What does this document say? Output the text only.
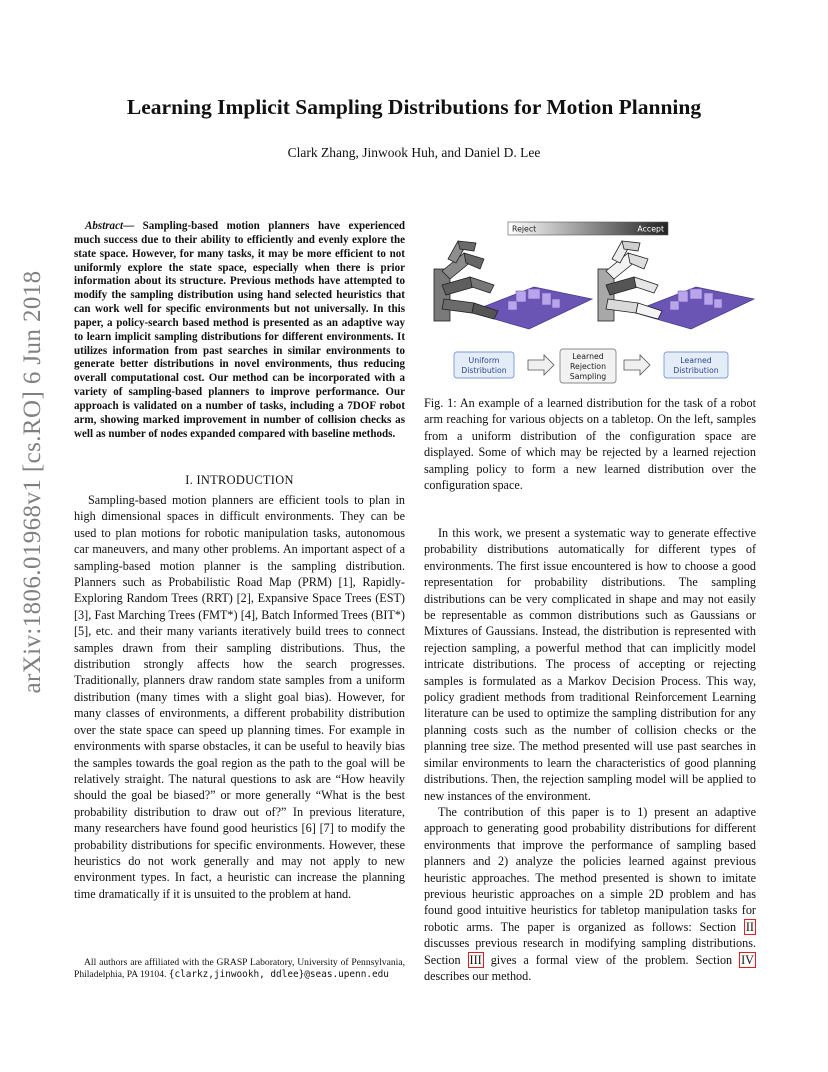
Learning Implicit Sampling Distributions for Motion Planning
Clark Zhang, Jinwook Huh, and Daniel D. Lee
arXiv:1806.01968v1 [cs.RO] 6 Jun 2018

Abstract— Sampling-based motion planners have experienced much success due to their ability to efficiently and evenly explore the state space. However, for many tasks, it may be more efficient to not uniformly explore the state space, especially when there is prior information about its structure. Previous methods have attempted to modify the sampling distribution using hand selected heuristics that can work well for specific environments but not universally. In this paper, a policy-search based method is presented as an adaptive way to learn implicit sampling distributions for different environments. It utilizes information from past searches in similar environments to generate better distributions in novel environments, thus reducing overall computational cost. Our method can be incorporated with a variety of sampling-based planners to improve performance. Our approach is validated on a number of tasks, including a 7DOF robot arm, showing marked improvement in number of collision checks as well as number of nodes expanded compared with baseline methods.

I. INTRODUCTION

Sampling-based motion planners are efficient tools to plan in high dimensional spaces in difficult environments. They can be used to plan motions for robotic manipulation tasks, autonomous car maneuvers, and many other problems. An important aspect of a sampling-based motion planner is the sampling distribution. Planners such as Probabilistic Road Map (PRM) [1], Rapidly-Exploring Random Trees (RRT) [2], Expansive Space Trees (EST) [3], Fast Marching Trees (FMT*) [4], Batch Informed Trees (BIT*) [5], etc. and their many variants iteratively build trees to connect samples drawn from their sampling distributions. Thus, the distribution strongly affects how the search progresses. Traditionally, planners draw random state samples from a uniform distribution (many times with a slight goal bias). However, for many classes of environments, a different probability distribution over the state space can speed up planning times. For example in environments with sparse obstacles, it can be useful to heavily bias the samples towards the goal region as the path to the goal will be relatively straight. The natural questions to ask are “How heavily should the goal be biased?” or more generally “What is the best probability distribution to draw out of?” In previous literature, many researchers have found good heuristics [6] [7] to modify the probability distributions for specific environments. However, these heuristics do not work generally and may not apply to new environment types. In fact, a heuristic can increase the planning time dramatically if it is unsuited to the problem at hand.

All authors are affiliated with the GRASP Laboratory, University of Pennsylvania, Philadelphia, PA 19104. {clarkz,jinwookh, ddlee}@seas.upenn.edu

Reject	Accept
Uniform
Distribution
Learned
Rejection
Sampling
Learned
Distribution

Fig. 1: An example of a learned distribution for the task of a robot arm reaching for various objects on a tabletop. On the left, samples from a uniform distribution of the configuration space are displayed. Some of which may be rejected by a learned rejection sampling policy to form a new learned distribution over the configuration space.

In this work, we present a systematic way to generate effective probability distributions automatically for different types of environments. The first issue encountered is how to choose a good representation for probability distributions. The sampling distributions can be very complicated in shape and may not easily be representable as common distributions such as Gaussians or Mixtures of Gaussians. Instead, the distribution is represented with rejection sampling, a powerful method that can implicitly model intricate distributions. The process of accepting or rejecting samples is formulated as a Markov Decision Process. This way, policy gradient methods from traditional Reinforcement Learning literature can be used to optimize the sampling distribution for any planning costs such as the number of collision checks or the planning tree size. The method presented will use past searches in similar environments to learn the characteristics of good planning distributions. Then, the rejection sampling model will be applied to new instances of the environment.

The contribution of this paper is to 1) present an adaptive approach to generating good probability distributions for different environments that improve the performance of sampling based planners and 2) analyze the policies learned against previous heuristic approaches. The method presented is shown to imitate previous heuristic approaches on a simple 2D problem and has found good intuitive heuristics for tabletop manipulation tasks for robotic arms. The paper is organized as follows: Section II discusses previous research in modifying sampling distributions. Section III gives a formal view of the problem. Section IV describes our method.
